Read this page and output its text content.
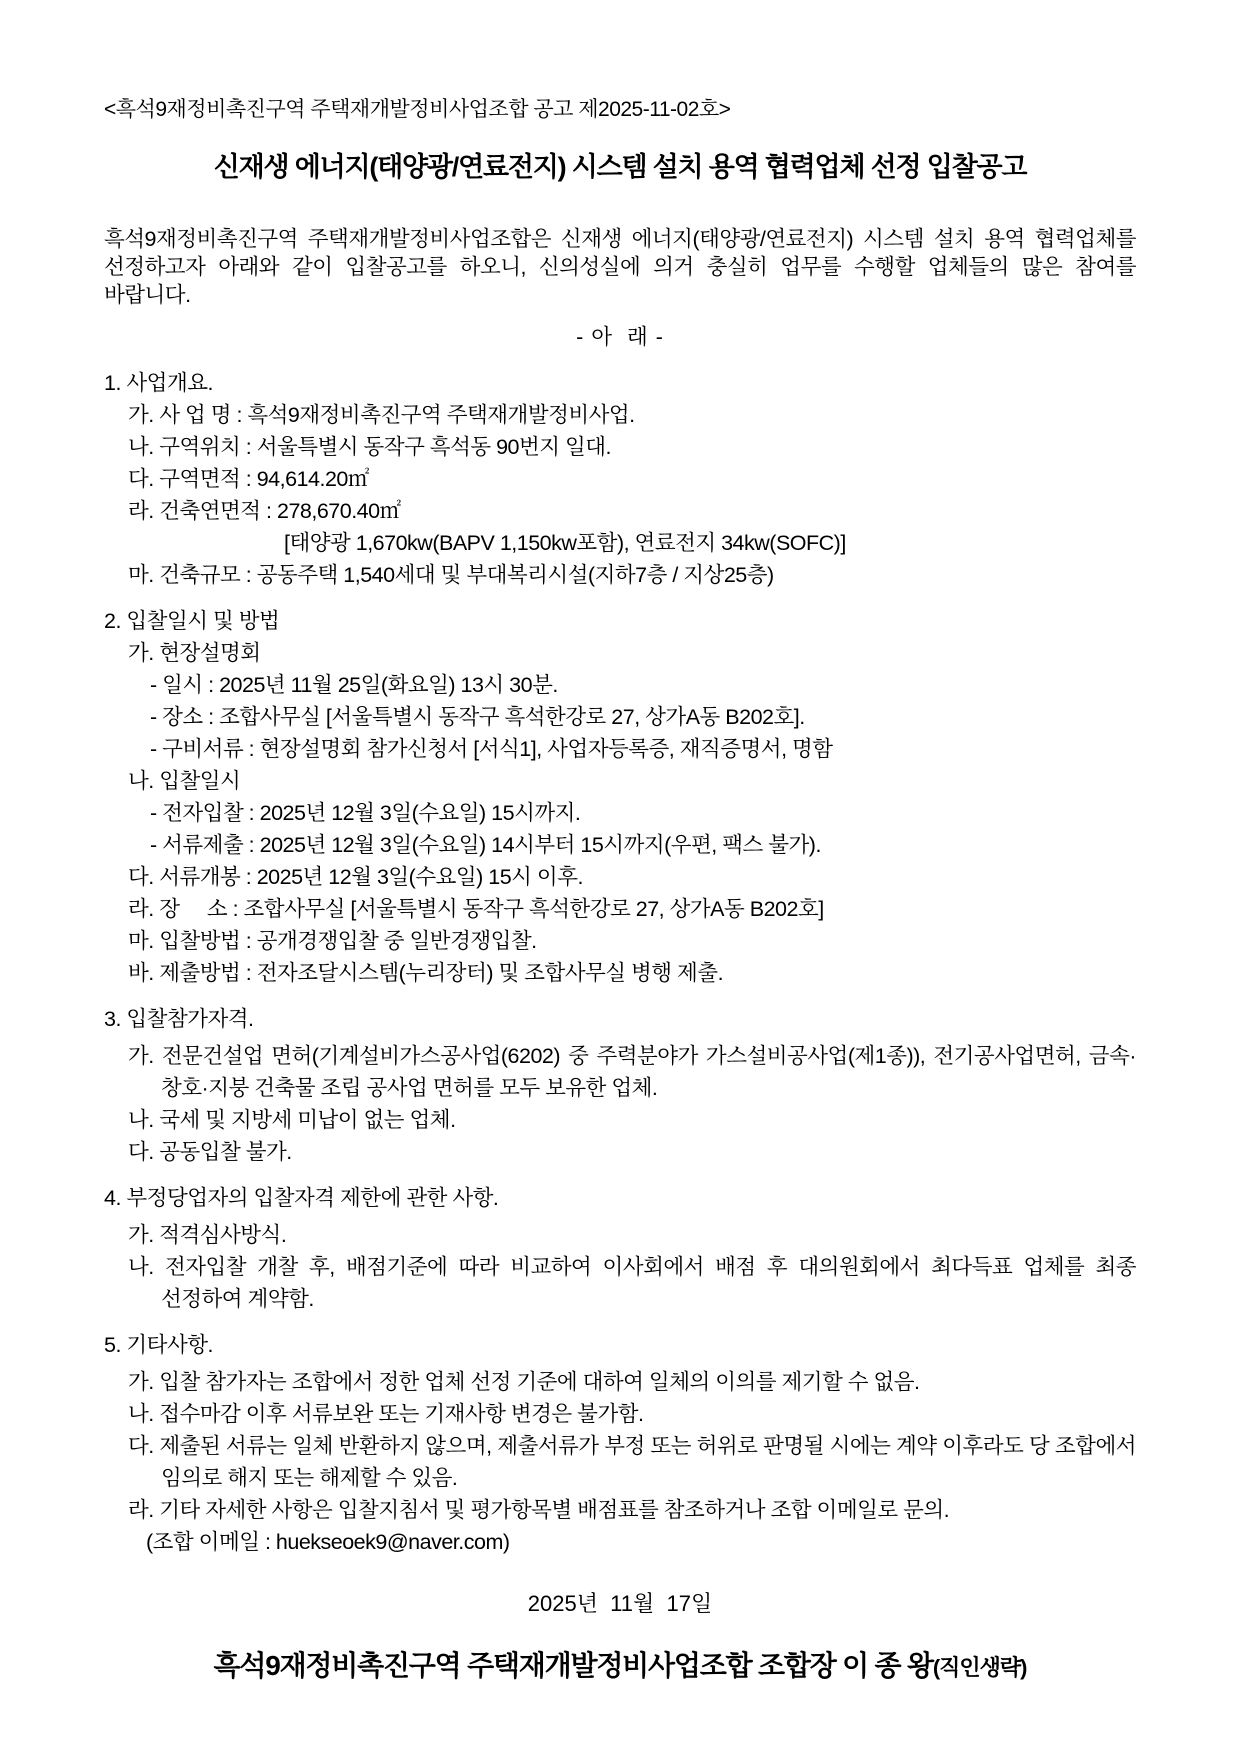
<흑석9재정비촉진구역 주택재개발정비사업조합 공고 제2025-11-02호>
신재생 에너지(태양광/연료전지) 시스템 설치 용역 협력업체 선정 입찰공고

흑석9재정비촉진구역 주택재개발정비사업조합은 신재생 에너지(태양광/연료전지) 시스템 설치 용역 협력업체를 선정하고자 아래와 같이 입찰공고를 하오니, 신의성실에 의거 충실히 업무를 수행할 업체들의 많은 참여를 바랍니다.

- 아  래 -
1. 사업개요.
가. 사 업 명 : 흑석9재정비촉진구역 주택재개발정비사업.
나. 구역위치 : 서울특별시 동작구 흑석동 90번지 일대.
다. 구역면적 : 94,614.20㎡
라. 건축연면적 : 278,670.40㎡
[태양광 1,670kw(BAPV 1,150kw포함), 연료전지 34kw(SOFC)]
마. 건축규모 : 공동주택 1,540세대 및 부대복리시설(지하7층 / 지상25층)
2. 입찰일시 및 방법
가. 현장설명회
- 일시 : 2025년 11월 25일(화요일) 13시 30분.
- 장소 : 조합사무실 [서울특별시 동작구 흑석한강로 27, 상가A동 B202호].
- 구비서류 : 현장설명회 참가신청서 [서식1], 사업자등록증, 재직증명서, 명함
나. 입찰일시
- 전자입찰 : 2025년 12월 3일(수요일) 15시까지.
- 서류제출 : 2025년 12월 3일(수요일) 14시부터 15시까지(우편, 팩스 불가).
다. 서류개봉 : 2025년 12월 3일(수요일) 15시 이후.
라. 장     소 : 조합사무실 [서울특별시 동작구 흑석한강로 27, 상가A동 B202호]
마. 입찰방법 : 공개경쟁입찰 중 일반경쟁입찰.
바. 제출방법 : 전자조달시스템(누리장터) 및 조합사무실 병행 제출.
3. 입찰참가자격.
가. 전문건설업 면허(기계설비가스공사업(6202) 중 주력분야가 가스설비공사업(제1종)), 전기공사업면허, 금속·창호·지붕 건축물 조립 공사업 면허를 모두 보유한 업체.
나. 국세 및 지방세 미납이 없는 업체.
다. 공동입찰 불가.
4. 부정당업자의 입찰자격 제한에 관한 사항.
가. 적격심사방식.
나. 전자입찰 개찰 후, 배점기준에 따라 비교하여 이사회에서 배점 후 대의원회에서 최다득표 업체를 최종 선정하여 계약함.
5. 기타사항.
가. 입찰 참가자는 조합에서 정한 업체 선정 기준에 대하여 일체의 이의를 제기할 수 없음.
나. 접수마감 이후 서류보완 또는 기재사항 변경은 불가함.
다. 제출된 서류는 일체 반환하지 않으며, 제출서류가 부정 또는 허위로 판명될 시에는 계약 이후라도 당 조합에서 임의로 해지 또는 해제할 수 있음.
라. 기타 자세한 사항은 입찰지침서 및 평가항목별 배점표를 참조하거나 조합 이메일로 문의.
(조합 이메일 : huekseoek9@naver.com)
2025년  11월  17일
흑석9재정비촉진구역 주택재개발정비사업조합 조합장 이 종 왕(직인생략)
